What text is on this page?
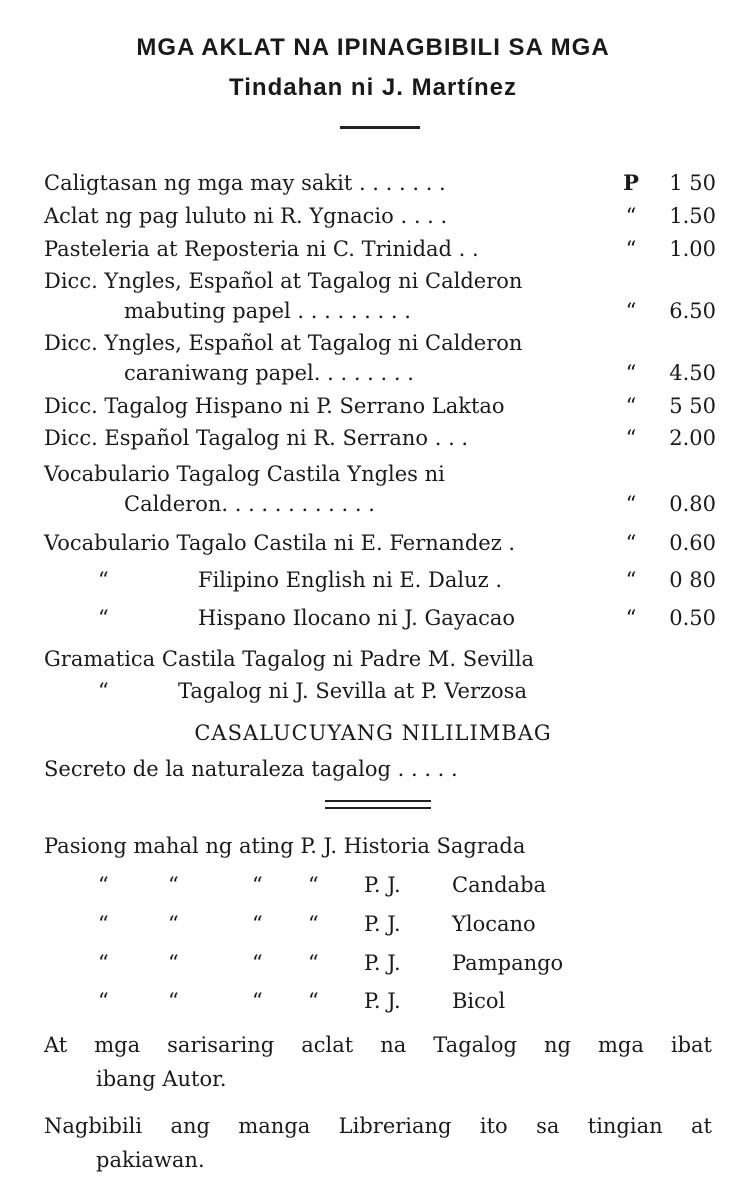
MGA AKLAT NA IPINAGBIBILI SA MGA
Tindahan ni J. Martínez
Caligtasan ng mga may sakit . . . . . . .	P	1 50
Aclat ng pag luluto ni R. Ygnacio . . . .	“	1.50
Pasteleria at Reposteria ni C. Trinidad . .	“	1.00
Dicc. Yngles, Español at Tagalog ni Calderon
mabuting papel . . . . . . . . .	“	6.50
Dicc. Yngles, Español at Tagalog ni Calderon
caraniwang papel. . . . . . . .	“	4.50
Dicc. Tagalog Hispano ni P. Serrano Laktao	“	5 50
Dicc. Español Tagalog ni R. Serrano . . .	“	2.00
Vocabulario Tagalog Castila Yngles ni
Calderon. . . . . . . . . . . .	“	0.80
Vocabulario Tagalo Castila ni E. Fernandez .	“	0.60
“	Filipino English ni E. Daluz .	“	0 80
“	Hispano Ilocano ni J. Gayacao	“	0.50
Gramatica Castila Tagalog ni Padre M. Sevilla
“	Tagalog ni J. Sevilla at P. Verzosa
CASALUCUYANG NILILIMBAG
Secreto de la naturaleza tagalog . . . . .
Pasiong mahal ng ating P. J. Historia Sagrada
“	“	“ “ P. J. Candaba
“	“	“ “ P. J. Ylocano
“	“	“ “ P. J. Pampango
“	“	“ “ P. J. Bicol
At mga sarisaring aclat na Tagalog ng mga ibat
ibang Autor.
Nagbibili ang manga Libreriang ito sa tingian at
pakiawan.
